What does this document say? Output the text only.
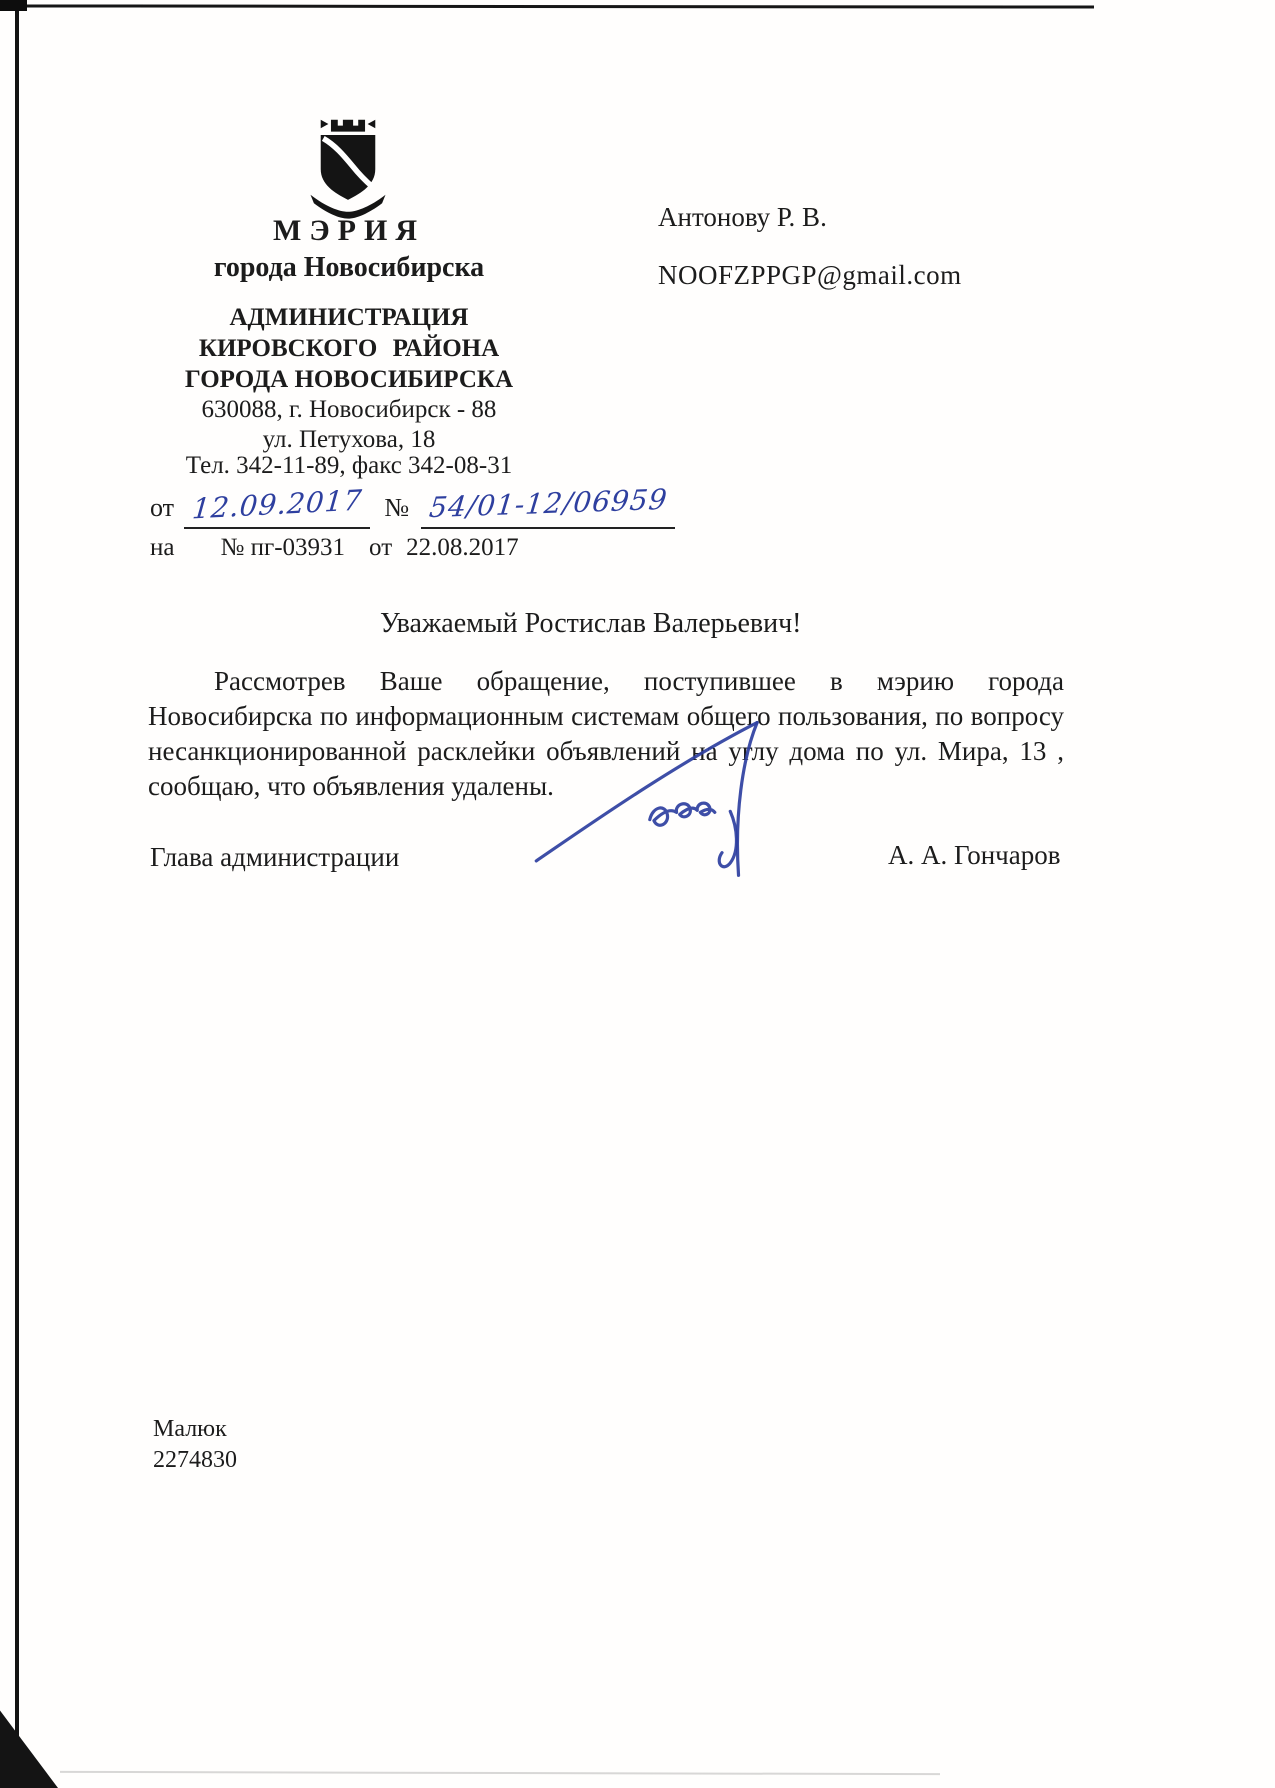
МЭРИЯ
города Новосибирска
АДМИНИСТРАЦИЯ
КИРОВСКОГО РАЙОНА
ГОРОДА НОВОСИБИРСКА
630088, г. Новосибирск - 88
ул. Петухова, 18
Тел. 342-11-89, факс 342-08-31
от 12.09.2017 № 54/01-12/06959
на № пг-03931 от 22.08.2017
Антонову Р. В.
NOOFZPPGP@gmail.com
Уважаемый Ростислав Валерьевич!
Рассмотрев Ваше обращение, поступившее в мэрию города Новосибирска по информационным системам общего пользования, по вопросу несанкционированной расклейки объявлений на углу дома по ул. Мира, 13 , сообщаю, что объявления удалены.
Глава администрации	А. А. Гончаров
Малюк
2274830
